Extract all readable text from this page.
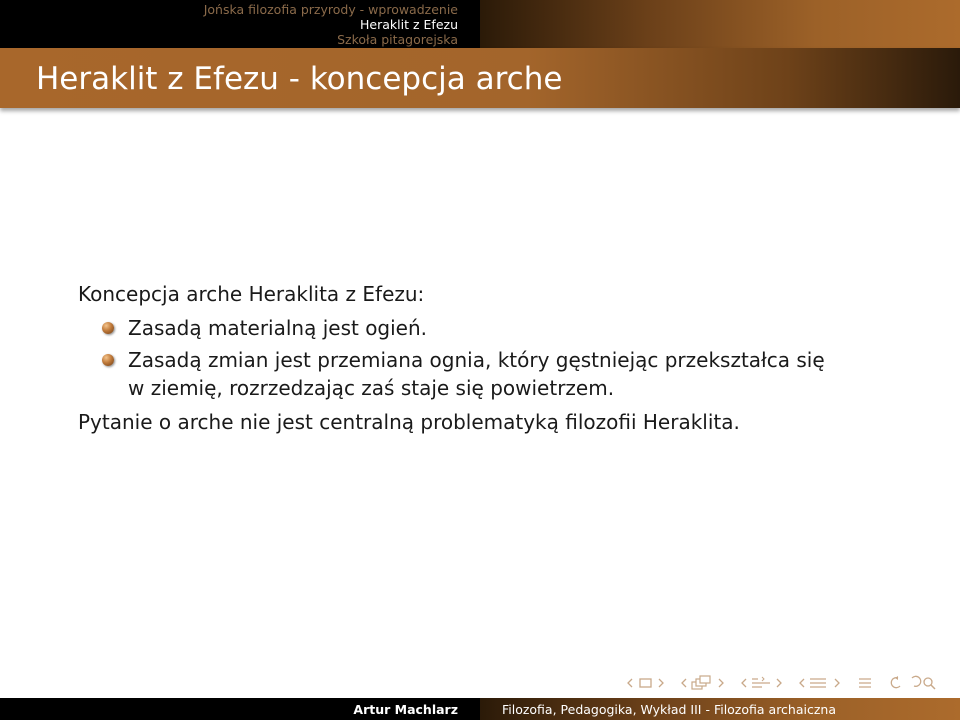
Jońska filozofia przyrody - wprowadzenie
Heraklit z Efezu
Szkoła pitagorejska
Heraklit z Efezu - koncepcja arche

Koncepcja arche Heraklita z Efezu:

Zasadą materialną jest ogień.
Zasadą zmian jest przemiana ognia, który gęstniejąc przekształca się
w ziemię, rozrzedzając zaś staje się powietrzem.

Pytanie o arche nie jest centralną problematyką filozofii Heraklita.

Artur Machlarz	Filozofia, Pedagogika, Wykład III - Filozofia archaiczna
